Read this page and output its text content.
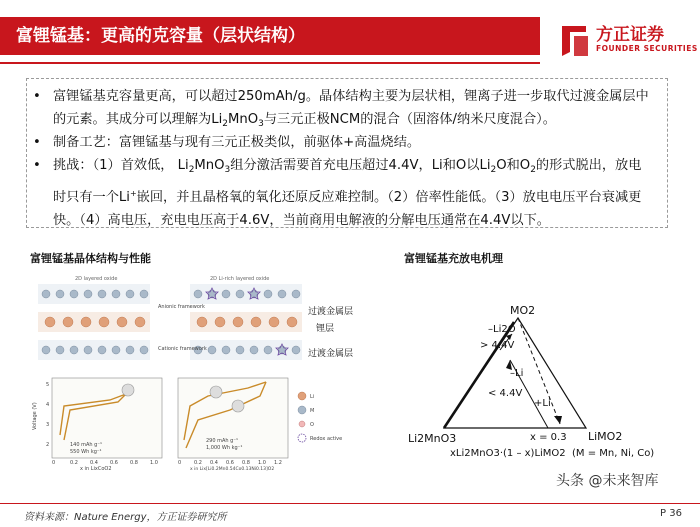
富锂锰基：更高的克容量（层状结构）	方正证券
FOUNDER SECURITIES
• 富锂锰基克容量更高，可以超过250mAh/g。晶体结构主要为层状相，锂离子进一步取代过渡金属层中的元素。其成分可以理解为$Li_2MnO_3$与三元正极NCM的混合（固溶体/纳米尺度混合）。
• 制备工艺：富锂锰基与现有三元正极类似，前驱体+高温烧结。
• 挑战：（1）首效低， $Li_2MnO_3$组分激活需要首充电压超过4.4V，Li和O以$Li_2O$和$O_2$的形式脱出，放电时只有一个Li+嵌回，并且晶格氧的氧化还原反应难控制。（2）倍率性能低。（3）放电电压平台衰减更快。（4）高电压，充电电压高于4.6V，当前商用电解液的分解电压通常在4.4V以下。
富锂锰基晶体结构与性能	富锂锰基充放电机理
2D layered oxide	2D Li-rich layered oxide
Anionic framework
Cationic framework
过渡金属层
锂层
过渡金属层
Voltage (V)
5
4
3
2	140 mAh g⁻¹
550 Wh kg⁻¹
x in LixCoO2
0	0.2 0.4 0.6 0.8 1.0
290 mAh g⁻¹
1,000 Wh kg⁻¹
x in Lix[Li0.2Mn0.54Co0.13Ni0.13]O2
0	0.2 0.4 0.6 0.8 1.0 1.2
Li
M
O
Redox active
MO2
Li2MnO3	LiMO2
–Li2O
> 4.4V
–Li
< 4.4V
+Li
x = 0.3
xLi2MnO3·(1 – x)LiMO2 (M = Mn, Ni, Co)
头条 @未来智库
资料来源：Nature Energy，方正证券研究所	P 36
